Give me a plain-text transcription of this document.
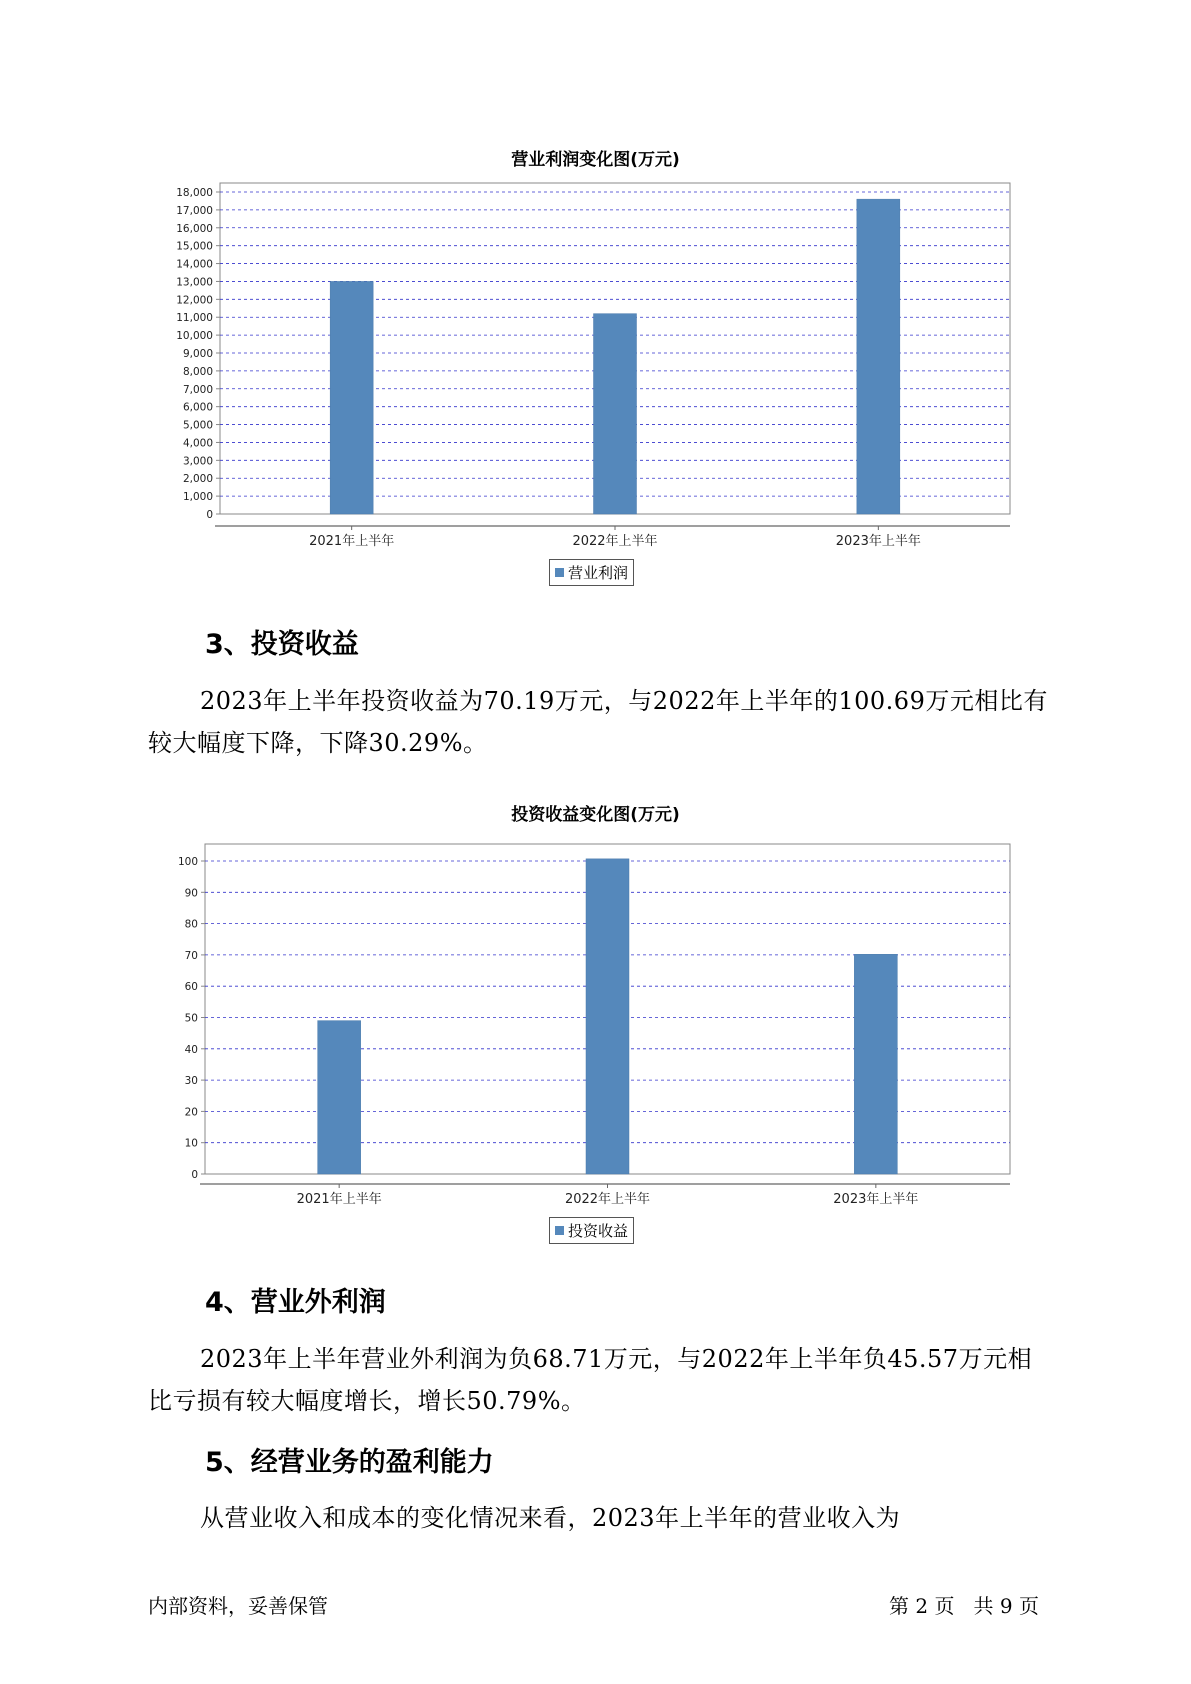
营业利润变化图(万元)
0
1,000
2,000
3,000
4,000
5,000
6,000
7,000
8,000
9,000
10,000
11,000
12,000
13,000
14,000
15,000
16,000
17,000
18,000
2021年上半年	2022年上半年	2023年上半年
营业利润
3、投资收益

2023年上半年投资收益为70.19万元，与2022年上半年的100.69万元相比有较大幅度下降，下降30.29%。

投资收益变化图(万元)
0
10
20
30
40
50
60
70
80
90
100
2021年上半年	2022年上半年	2023年上半年
投资收益
4、营业外利润

2023年上半年营业外利润为负68.71万元，与2022年上半年负45.57万元相比亏损有较大幅度增长，增长50.79%。

5、经营业务的盈利能力

从营业收入和成本的变化情况来看，2023年上半年的营业收入为

内部资料，妥善保管	第 2 页   共 9 页
